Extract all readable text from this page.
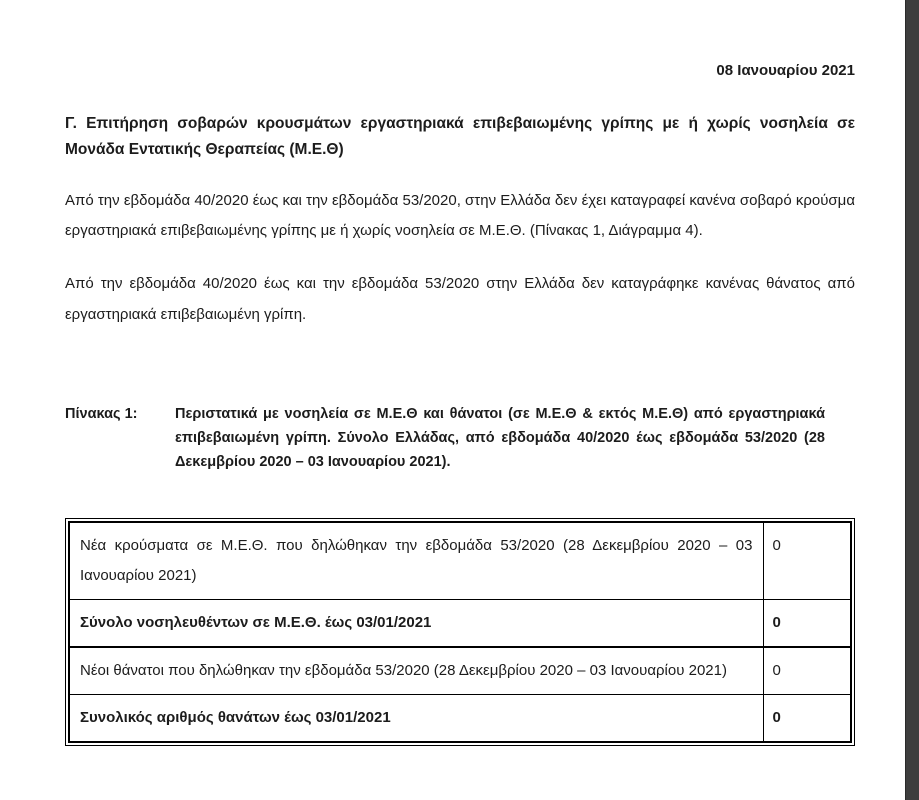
08 Ιανουαρίου 2021
Γ. Επιτήρηση σοβαρών κρουσμάτων εργαστηριακά επιβεβαιωμένης γρίπης με ή χωρίς νοσηλεία σε Μονάδα Εντατικής Θεραπείας (Μ.Ε.Θ)
Από την εβδομάδα 40/2020 έως και την εβδομάδα 53/2020, στην Ελλάδα δεν έχει καταγραφεί κανένα σοβαρό κρούσμα εργαστηριακά επιβεβαιωμένης γρίπης με ή χωρίς νοσηλεία σε Μ.Ε.Θ. (Πίνακας 1, Διάγραμμα 4).
Από την εβδομάδα 40/2020 έως και την εβδομάδα 53/2020 στην Ελλάδα δεν καταγράφηκε κανένας θάνατος από εργαστηριακά επιβεβαιωμένη γρίπη.
Πίνακας 1:	Περιστατικά με νοσηλεία σε Μ.Ε.Θ και θάνατοι (σε Μ.Ε.Θ & εκτός Μ.Ε.Θ) από εργαστηριακά επιβεβαιωμένη γρίπη. Σύνολο Ελλάδας, από εβδομάδα 40/2020 έως εβδομάδα 53/2020 (28 Δεκεμβρίου 2020 – 03 Ιανουαρίου 2021).
Νέα κρούσματα σε Μ.Ε.Θ. που δηλώθηκαν την εβδομάδα 53/2020 (28 Δεκεμβρίου 2020 – 03 Ιανουαρίου 2021)	0
Σύνολο νοσηλευθέντων σε Μ.Ε.Θ. έως 03/01/2021	0
Νέοι θάνατοι που δηλώθηκαν την εβδομάδα 53/2020 (28 Δεκεμβρίου 2020 – 03 Ιανουαρίου 2021)	0
Συνολικός αριθμός θανάτων έως 03/01/2021	0
